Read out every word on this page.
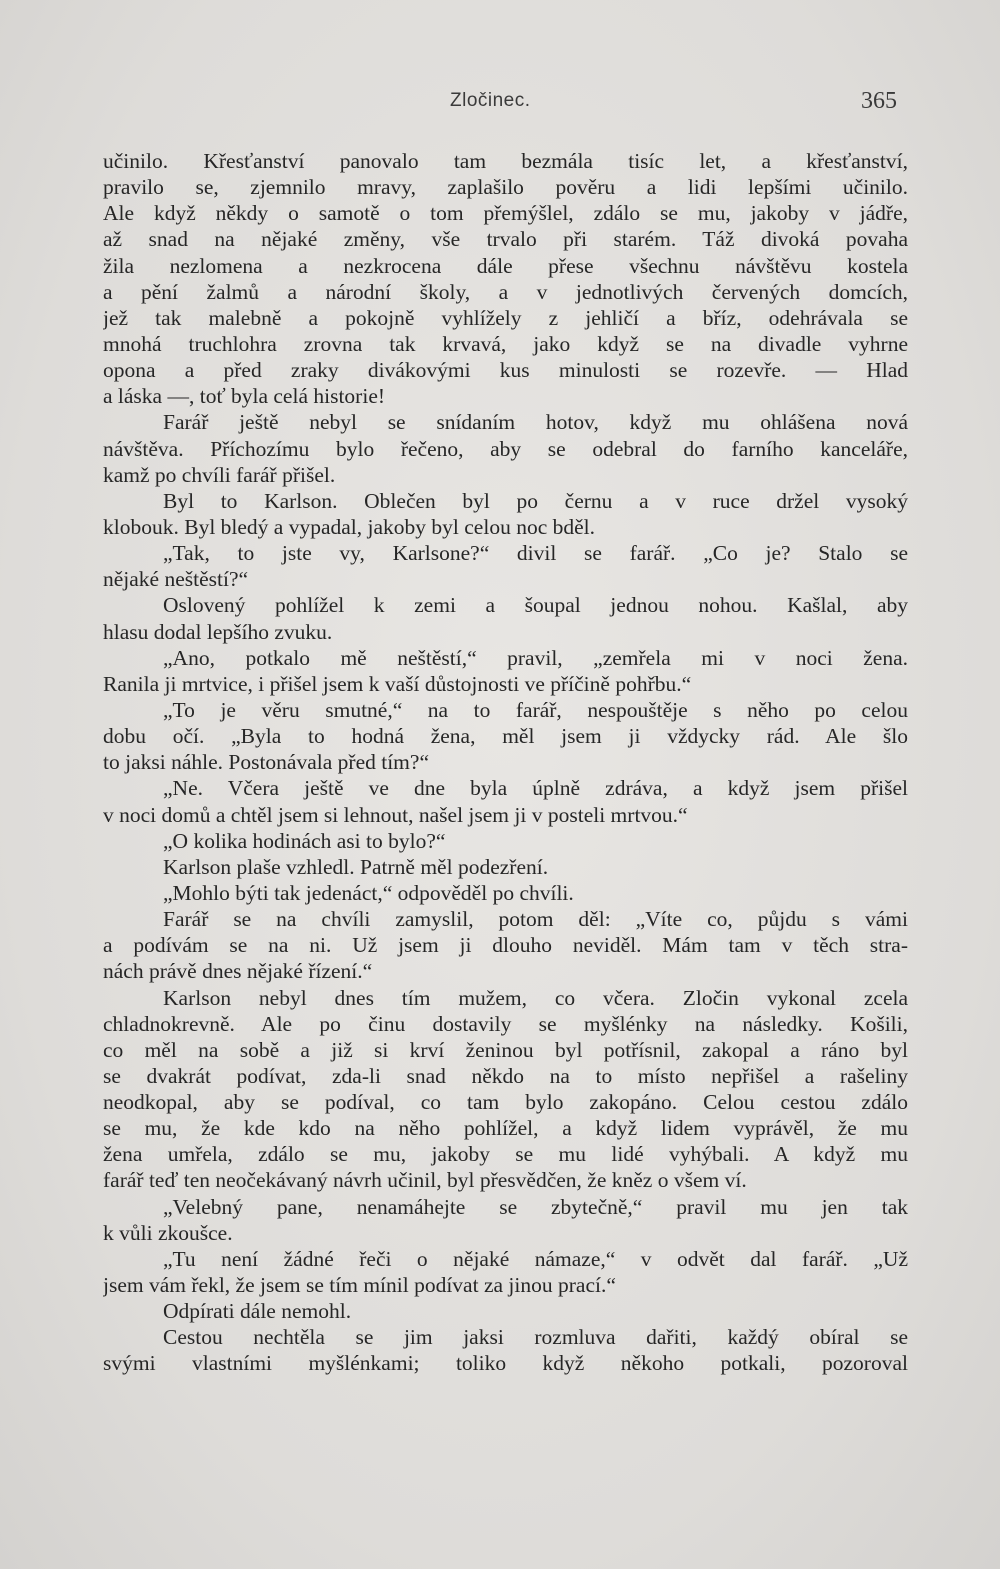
Zločinec.	365
učinilo. Křesťanství panovalo tam bezmála tisíc let, a křesťanství,
pravilo se, zjemnilo mravy, zaplašilo pověru a lidi lepšími učinilo.
Ale když někdy o samotě o tom přemýšlel, zdálo se mu, jakoby v jádře,
až snad na nějaké změny, vše trvalo při starém. Táž divoká povaha
žila nezlomena a nezkrocena dále přese všechnu návštěvu kostela
a pění žalmů a národní školy, a v jednotlivých červených domcích,
jež tak malebně a pokojně vyhlížely z jehličí a bříz, odehrávala se
mnohá truchlohra zrovna tak krvavá, jako když se na divadle vyhrne
opona a před zraky divákovými kus minulosti se rozevře. — Hlad
a láska —, toť byla celá historie!
Farář ještě nebyl se snídaním hotov, když mu ohlášena nová
návštěva. Příchozímu bylo řečeno, aby se odebral do farního kanceláře,
kamž po chvíli farář přišel.
Byl to Karlson. Oblečen byl po černu a v ruce držel vysoký
klobouk. Byl bledý a vypadal, jakoby byl celou noc bděl.
„Tak, to jste vy, Karlsone?“ divil se farář. „Co je? Stalo se
nějaké neštěstí?“
Oslovený pohlížel k zemi a šoupal jednou nohou. Kašlal, aby
hlasu dodal lepšího zvuku.
„Ano, potkalo mě neštěstí,“ pravil, „zemřela mi v noci žena.
Ranila ji mrtvice, i přišel jsem k vaší důstojnosti ve příčině pohřbu.“
„To je věru smutné,“ na to farář, nespouštěje s něho po celou
dobu očí. „Byla to hodná žena, měl jsem ji vždycky rád. Ale šlo
to jaksi náhle. Postonávala před tím?“
„Ne. Včera ještě ve dne byla úplně zdráva, a když jsem přišel
v noci domů a chtěl jsem si lehnout, našel jsem ji v posteli mrtvou.“
„O kolika hodinách asi to bylo?“
Karlson plaše vzhledl. Patrně měl podezření.
„Mohlo býti tak jedenáct,“ odpověděl po chvíli.
Farář se na chvíli zamyslil, potom děl: „Víte co, půjdu s vámi
a podívám se na ni. Už jsem ji dlouho neviděl. Mám tam v těch stra-
nách právě dnes nějaké řízení.“
Karlson nebyl dnes tím mužem, co včera. Zločin vykonal zcela
chladnokrevně. Ale po činu dostavily se myšlénky na následky. Košili,
co měl na sobě a již si krví ženinou byl potřísnil, zakopal a ráno byl
se dvakrát podívat, zda-li snad někdo na to místo nepřišel a rašeliny
neodkopal, aby se podíval, co tam bylo zakopáno. Celou cestou zdálo
se mu, že kde kdo na něho pohlížel, a když lidem vyprávěl, že mu
žena umřela, zdálo se mu, jakoby se mu lidé vyhýbali. A když mu
farář teď ten neočekávaný návrh učinil, byl přesvědčen, že kněz o všem ví.
„Velebný pane, nenamáhejte se zbytečně,“ pravil mu jen tak
k vůli zkoušce.
„Tu není žádné řeči o nějaké námaze,“ v odvět dal farář. „Už
jsem vám řekl, že jsem se tím mínil podívat za jinou prací.“
Odpírati dále nemohl.
Cestou nechtěla se jim jaksi rozmluva dařiti, každý obíral se
svými vlastními myšlénkami; toliko když někoho potkali, pozoroval
